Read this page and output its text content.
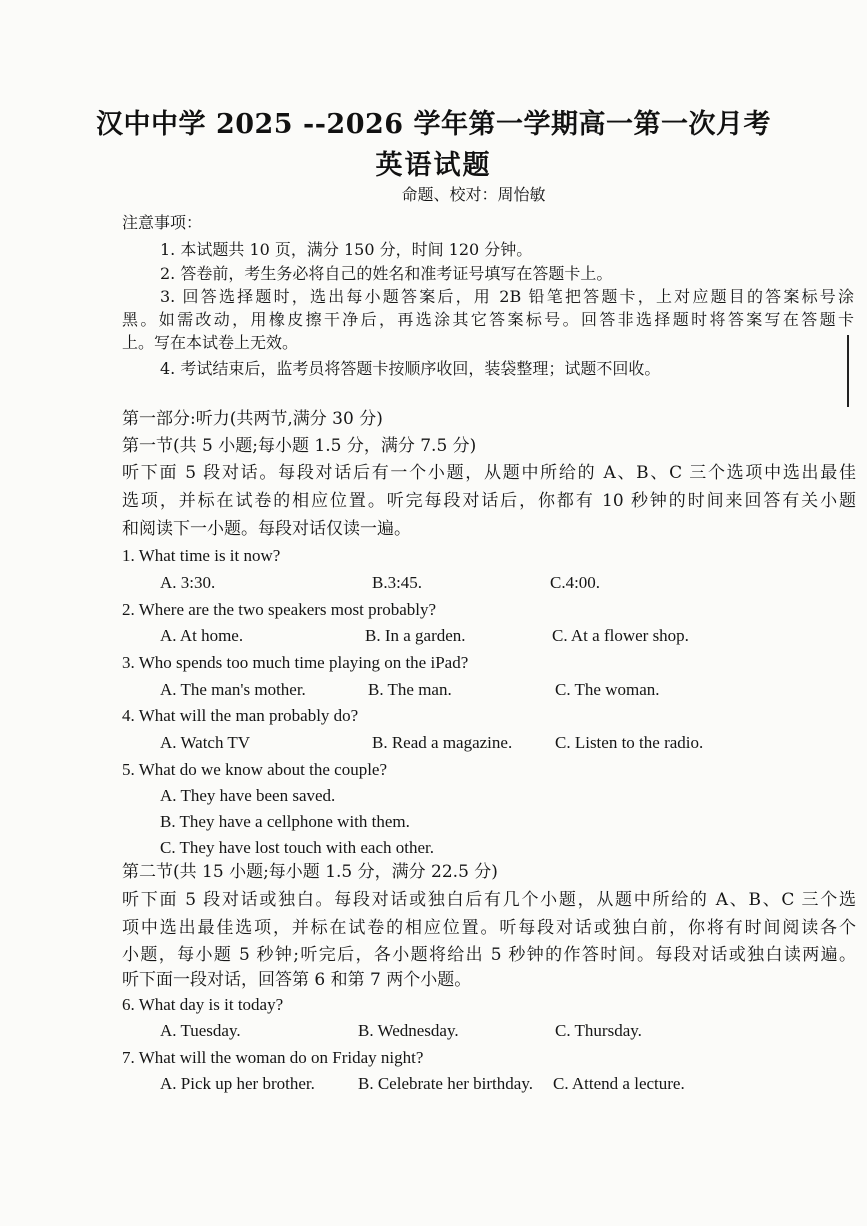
汉中中学 2025 --2026 学年第一学期高一第一次月考
英语试题
命题、校对：周怡敏
注意事项：
1. 本试题共 10 页，满分 150 分，时间 120 分钟。
2. 答卷前，考生务必将自己的姓名和准考证号填写在答题卡上。
3. 回答选择题时，选出每小题答案后，用 2B 铅笔把答题卡，上对应题目的答案标号涂
黑。如需改动，用橡皮擦干净后，再选涂其它答案标号。回答非选择题时将答案写在答题卡
上。写在本试卷上无效。
4. 考试结束后，监考员将答题卡按顺序收回，装袋整理；试题不回收。
第一部分:听力(共两节,满分 30 分)
第一节(共 5 小题;每小题 1.5 分，满分 7.5 分)
听下面 5 段对话。每段对话后有一个小题，从题中所给的 A、B、C 三个选项中选出最佳
选项，并标在试卷的相应位置。听完每段对话后，你都有 10 秒钟的时间来回答有关小题
和阅读下一小题。每段对话仅读一遍。
1. What time is it now?
A. 3:30.	B.3:45.	C.4:00.
2. Where are the two speakers most probably?
A. At home.	B. In a garden.	C. At a flower shop.
3. Who spends too much time playing on the iPad?
A. The man's mother.	B. The man.	C. The woman.
4. What will the man probably do?
A. Watch TV	B. Read a magazine.	C. Listen to the radio.
5. What do we know about the couple?
A. They have been saved.
B. They have a cellphone with them.
C. They have lost touch with each other.
第二节(共 15 小题;每小题 1.5 分，满分 22.5 分)
听下面 5 段对话或独白。每段对话或独白后有几个小题，从题中所给的 A、B、C 三个选
项中选出最佳选项，并标在试卷的相应位置。听每段对话或独白前，你将有时间阅读各个
小题，每小题 5 秒钟;听完后，各小题将给出 5 秒钟的作答时间。每段对话或独白读两遍。
听下面一段对话，回答第 6 和第 7 两个小题。
6. What day is it today?
A. Tuesday.	B. Wednesday.	C. Thursday.
7. What will the woman do on Friday night?
A. Pick up her brother.	B. Celebrate her birthday. C. Attend a lecture.
